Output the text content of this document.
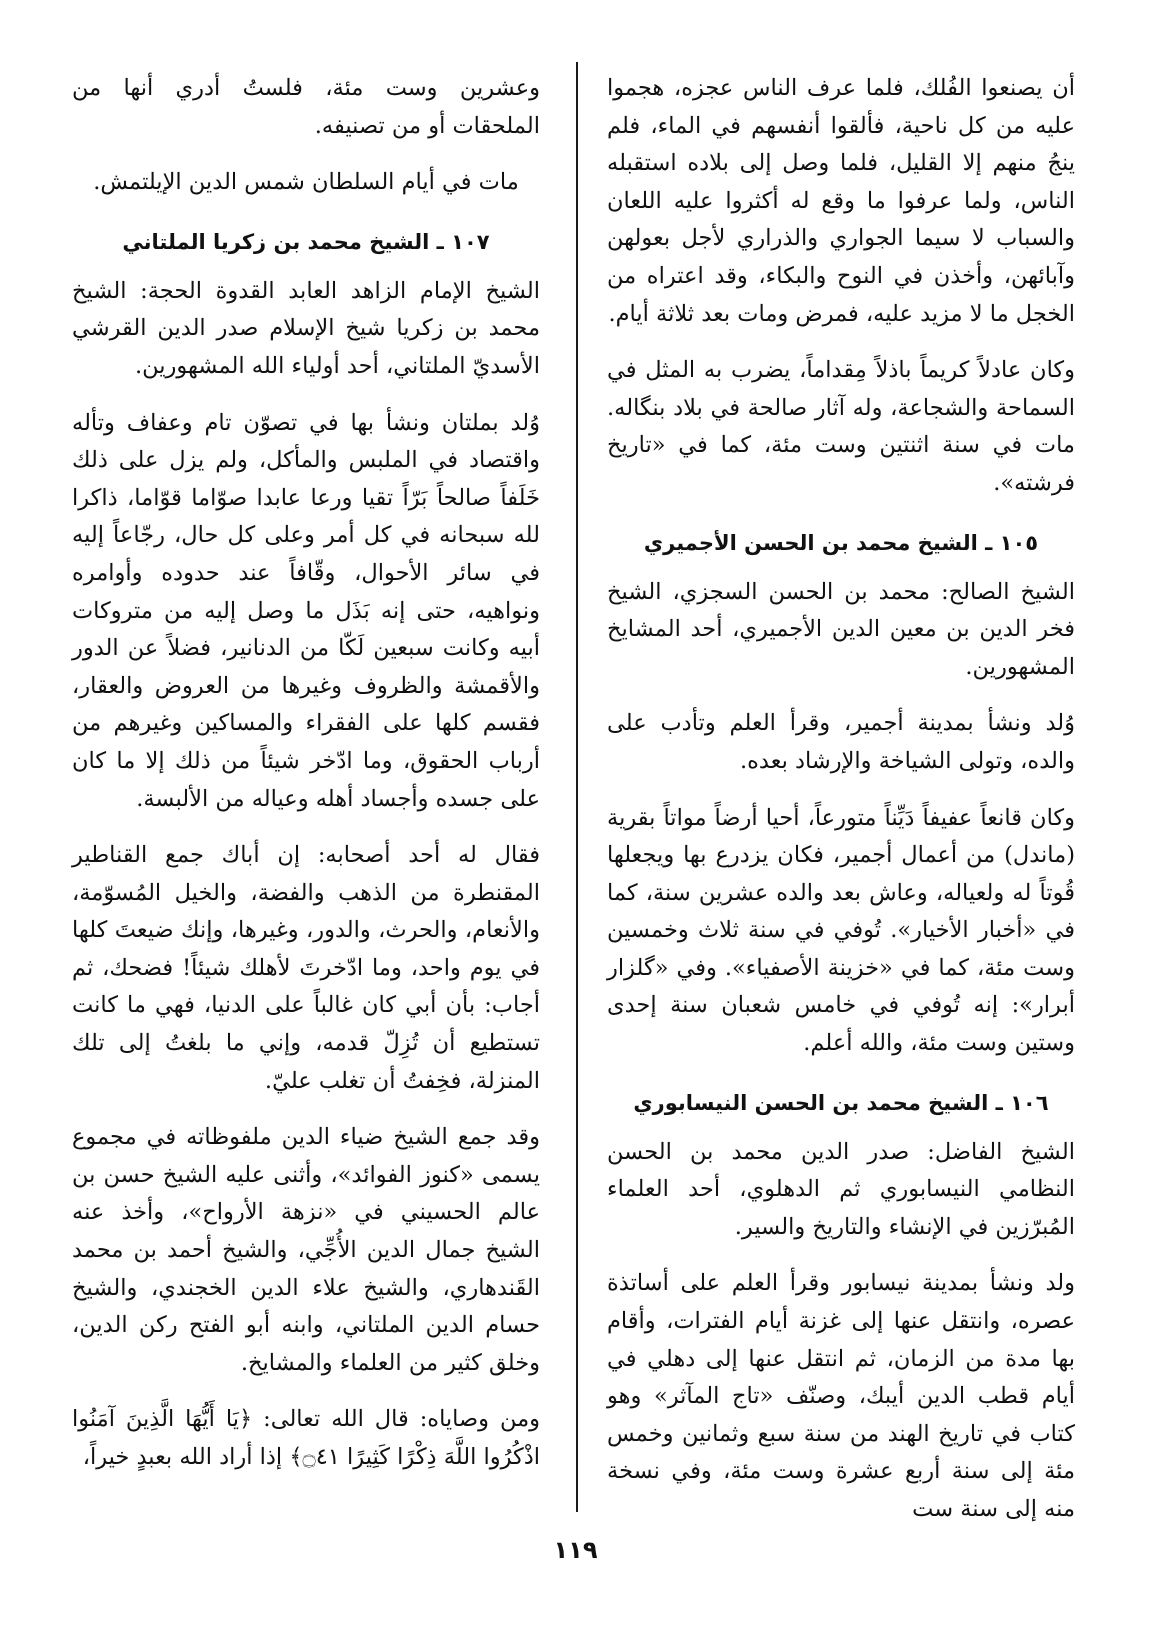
أن يصنعوا الفُلك، فلما عرف الناس عجزه، هجموا عليه من كل ناحية، فألقوا أنفسهم في الماء، فلم ينجُ منهم إلا القليل، فلما وصل إلى بلاده استقبله الناس، ولما عرفوا ما وقع له أكثروا عليه اللعان والسباب لا سيما الجواري والذراري لأجل بعولهن وآبائهن، وأخذن في النوح والبكاء، وقد اعتراه من الخجل ما لا مزيد عليه، فمرض ومات بعد ثلاثة أيام.

وكان عادلاً كريماً باذلاً مِقداماً، يضرب به المثل في السماحة والشجاعة، وله آثار صالحة في بلاد بنگاله. مات في سنة اثنتين وست مئة، كما في «تاريخ فرشته».

١٠٥ ـ الشيخ محمد بن الحسن الأجميري

الشيخ الصالح: محمد بن الحسن السجزي، الشيخ فخر الدين بن معين الدين الأجميري، أحد المشايخ المشهورين.

وُلد ونشأ بمدينة أجمير، وقرأ العلم وتأدب على والده، وتولى الشياخة والإرشاد بعده.

وكان قانعاً عفيفاً دَيِّناً متورعاً، أحيا أرضاً مواتاً بقرية (ماندل) من أعمال أجمير، فكان يزدرع بها ويجعلها قُوتاً له ولعياله، وعاش بعد والده عشرين سنة، كما في «أخبار الأخيار». تُوفي في سنة ثلاث وخمسين وست مئة، كما في «خزينة الأصفياء». وفي «گلزار أبرار»: إنه تُوفي في خامس شعبان سنة إحدى وستين وست مئة، والله أعلم.

١٠٦ ـ الشيخ محمد بن الحسن النيسابوري

الشيخ الفاضل: صدر الدين محمد بن الحسن النظامي النيسابوري ثم الدهلوي، أحد العلماء المُبرّزين في الإنشاء والتاريخ والسير.

ولد ونشأ بمدينة نيسابور وقرأ العلم على أساتذة عصره، وانتقل عنها إلى غزنة أيام الفترات، وأقام بها مدة من الزمان، ثم انتقل عنها إلى دهلي في أيام قطب الدين أيبك، وصنّف «تاج المآثر» وهو كتاب في تاريخ الهند من سنة سبع وثمانين وخمس مئة إلى سنة أربع عشرة وست مئة، وفي نسخة منه إلى سنة ست

وعشرين وست مئة، فلستُ أدري أنها من الملحقات أو من تصنيفه.

مات في أيام السلطان شمس الدين الإيلتمش.

١٠٧ ـ الشيخ محمد بن زكريا الملتاني

الشيخ الإمام الزاهد العابد القدوة الحجة: الشيخ محمد بن زكريا شيخ الإسلام صدر الدين القرشي الأسديّ الملتاني، أحد أولياء الله المشهورين.

وُلد بملتان ونشأ بها في تصوّن تام وعفاف وتأله واقتصاد في الملبس والمأكل، ولم يزل على ذلك خَلَفاً صالحاً بَرّاً تقيا ورعا عابدا صوّاما قوّاما، ذاكرا لله سبحانه في كل أمر وعلى كل حال، رجّاعاً إليه في سائر الأحوال، وقّافاً عند حدوده وأوامره ونواهيه، حتى إنه بَذَل ما وصل إليه من متروكات أبيه وكانت سبعين لَكّا من الدنانير، فضلاً عن الدور والأقمشة والظروف وغيرها من العروض والعقار، فقسم كلها على الفقراء والمساكين وغيرهم من أرباب الحقوق، وما ادّخر شيئاً من ذلك إلا ما كان على جسده وأجساد أهله وعياله من الألبسة.

فقال له أحد أصحابه: إن أباك جمع القناطير المقنطرة من الذهب والفضة، والخيل المُسوّمة، والأنعام، والحرث، والدور، وغيرها، وإنك ضيعتَ كلها في يوم واحد، وما ادّخرتَ لأهلك شيئاً! فضحك، ثم أجاب: بأن أبي كان غالباً على الدنيا، فهي ما كانت تستطيع أن تُزِلّ قدمه، وإني ما بلغتُ إلى تلك المنزلة، فخِفتُ أن تغلب عليّ.

وقد جمع الشيخ ضياء الدين ملفوظاته في مجموع يسمى «كنوز الفوائد»، وأثنى عليه الشيخ حسن بن عالم الحسيني في «نزهة الأرواح»، وأخذ عنه الشيخ جمال الدين الأُجِّي، والشيخ أحمد بن محمد القَندهاري، والشيخ علاء الدين الخجندي، والشيخ حسام الدين الملتاني، وابنه أبو الفتح ركن الدين، وخلق كثير من العلماء والمشايخ.

ومن وصاياه: قال الله تعالى: ﴿يَا أَيُّهَا الَّذِينَ آمَنُوا اذْكُرُوا اللَّهَ ذِكْرًا كَثِيرًا ۝٤١﴾ إذا أراد الله بعبدٍ خيراً،

١١٩
